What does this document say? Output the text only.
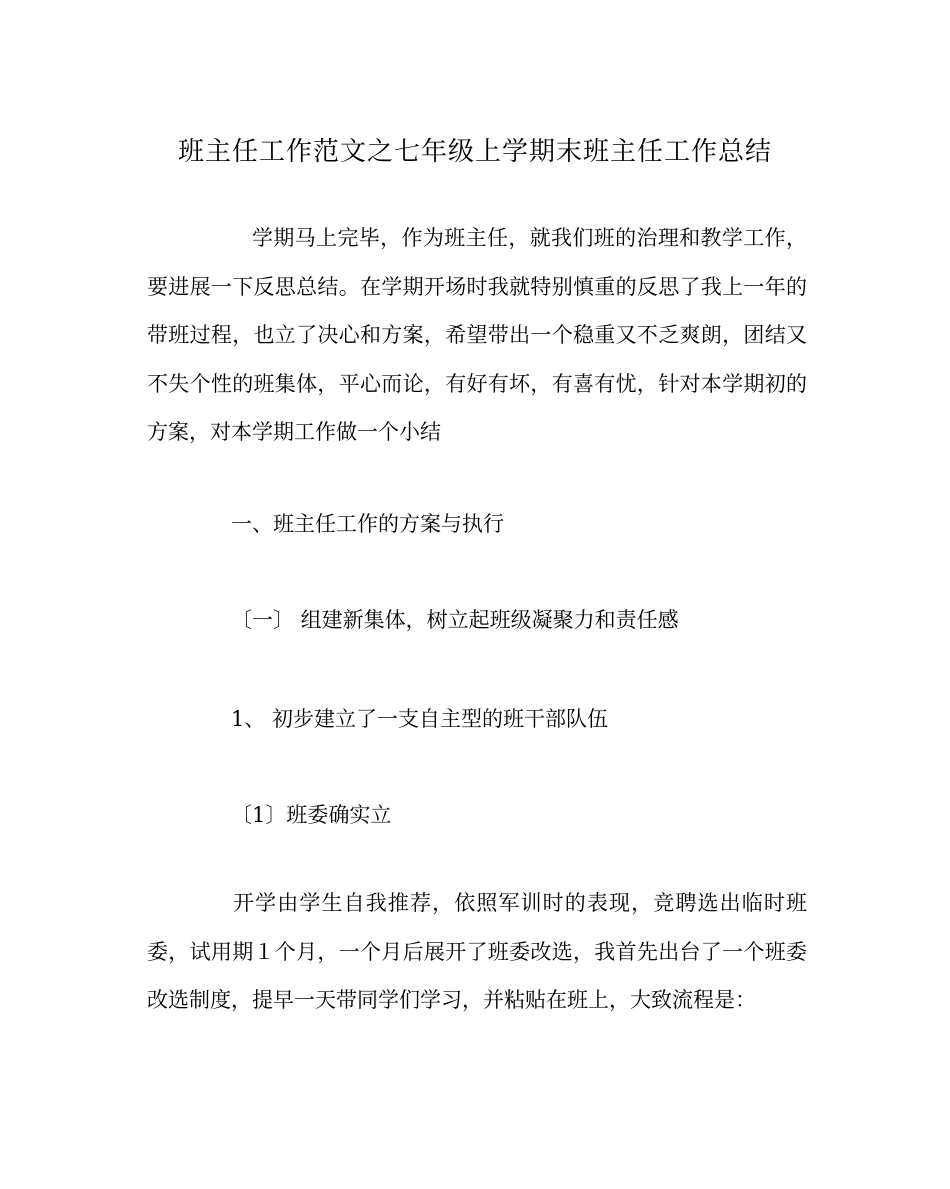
班主任工作范文之七年级上学期末班主任工作总结

学期马上完毕，作为班主任，就我们班的治理和教学工作，要进展一下反思总结。在学期开场时我就特别慎重的反思了我上一年的带班过程，也立了决心和方案，希望带出一个稳重又不乏爽朗，团结又不失个性的班集体，平心而论，有好有坏，有喜有忧，针对本学期初的方案，对本学期工作做一个小结

一、班主任工作的方案与执行
〔一〕 组建新集体，树立起班级凝聚力和责任感
1、 初步建立了一支自主型的班干部队伍
〔1〕班委确实立

开学由学生自我推荐，依照军训时的表现，竞聘选出临时班委，试用期１个月，一个月后展开了班委改选，我首先出台了一个班委改选制度，提早一天带同学们学习，并粘贴在班上，大致流程是：
